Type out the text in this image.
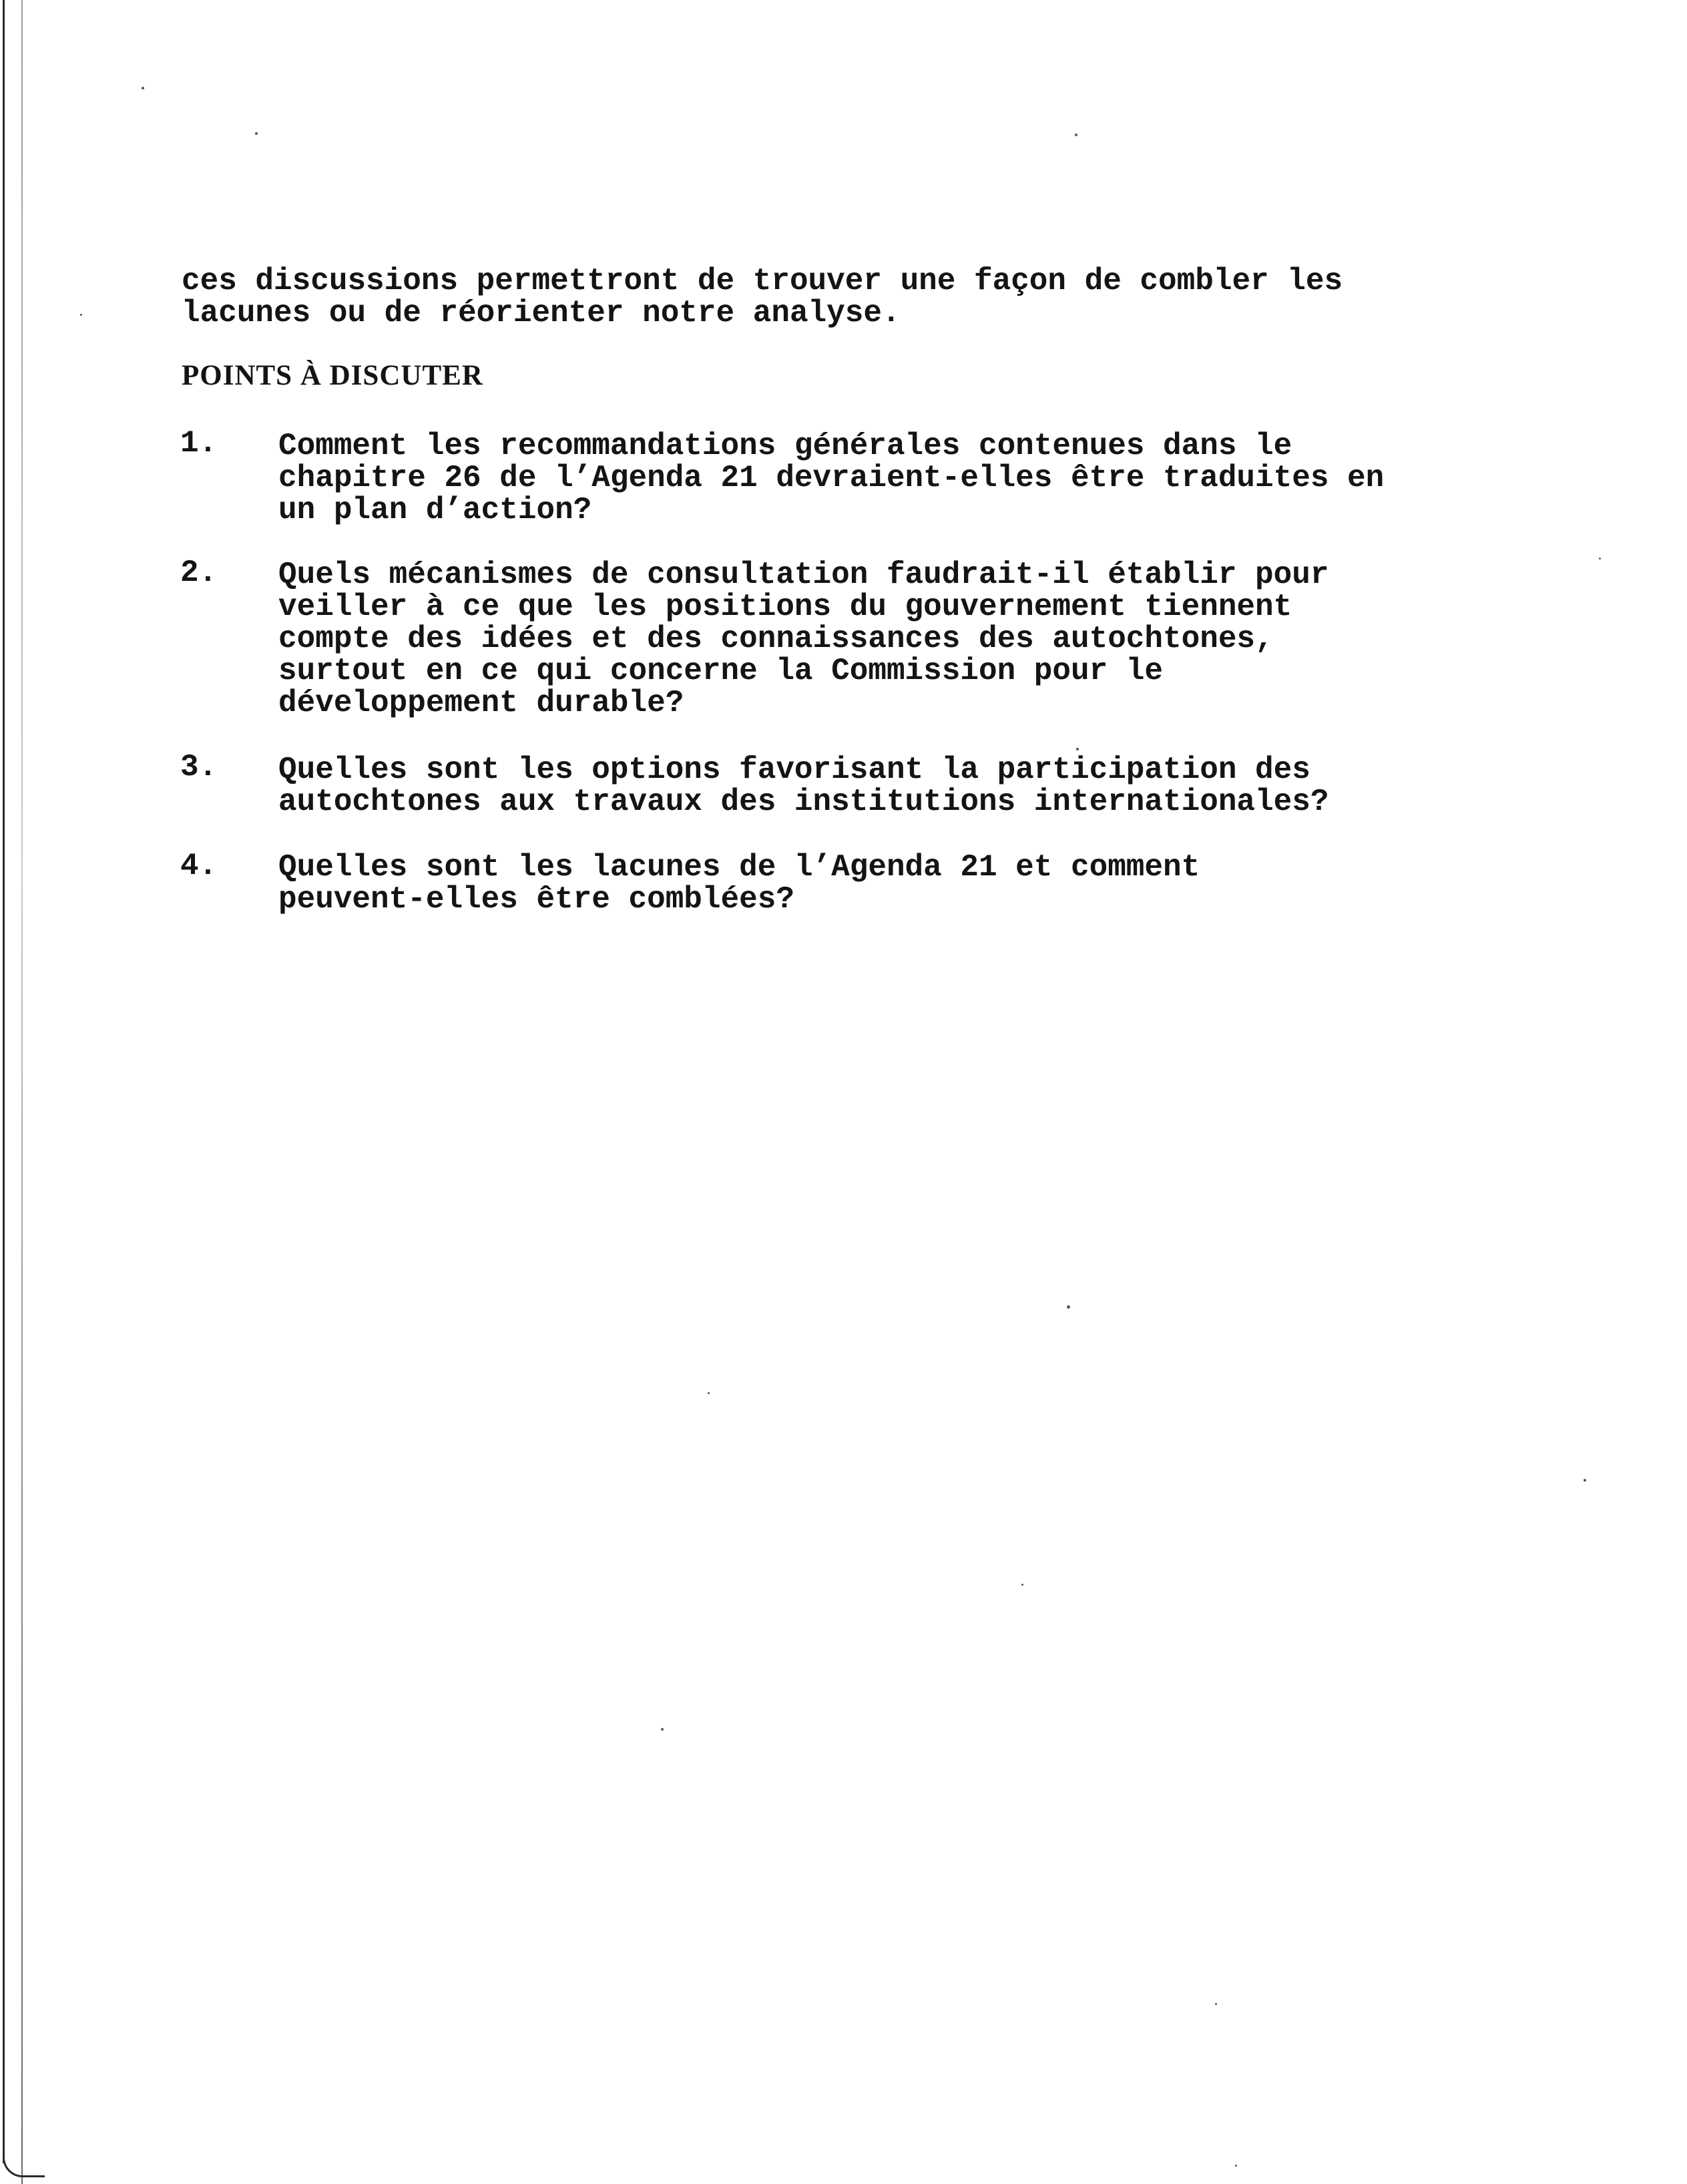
ces discussions permettront de trouver une façon de combler les
lacunes ou de réorienter notre analyse.
POINTS À DISCUTER
1. Comment les recommandations générales contenues dans le
chapitre 26 de l’Agenda 21 devraient-elles être traduites en
un plan d’action?
2. Quels mécanismes de consultation faudrait-il établir pour
veiller à ce que les positions du gouvernement tiennent
compte des idées et des connaissances des autochtones,
surtout en ce qui concerne la Commission pour le
développement durable?
3. Quelles sont les options favorisant la participation des
autochtones aux travaux des institutions internationales?
4. Quelles sont les lacunes de l’Agenda 21 et comment
peuvent-elles être comblées?
